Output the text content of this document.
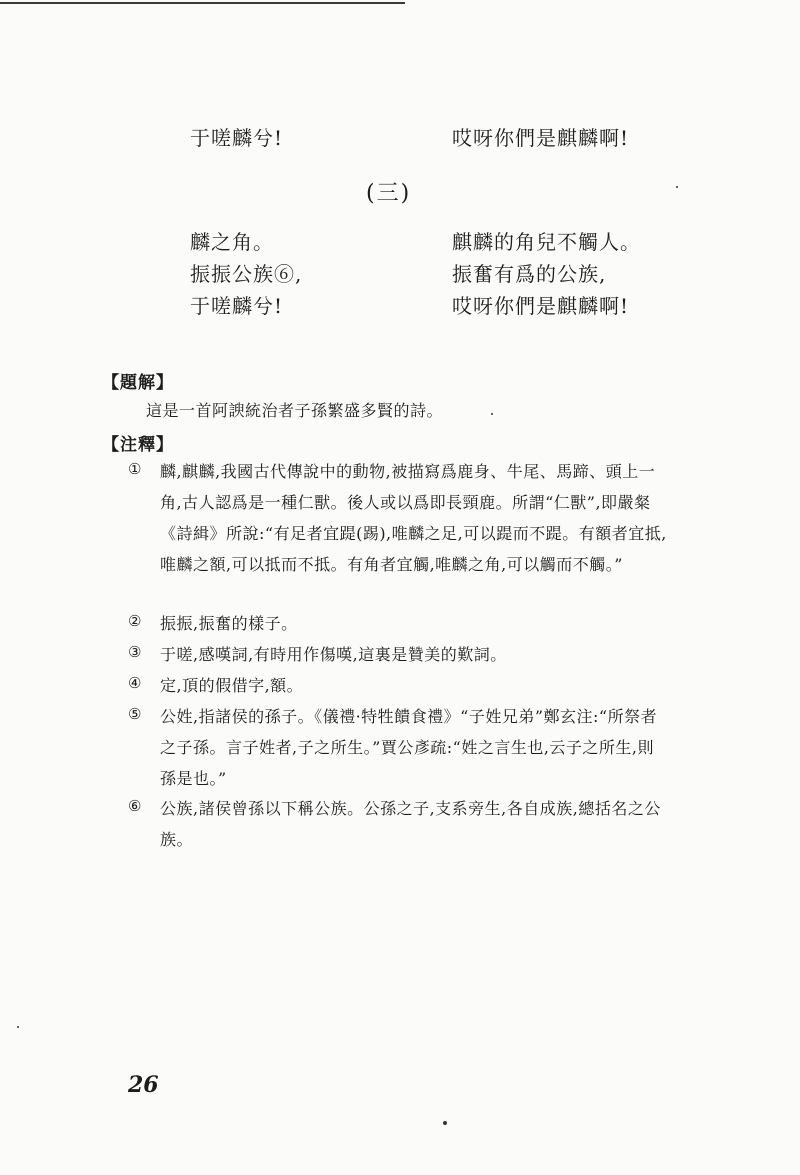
于嗟麟兮!	哎呀你們是麒麟啊!
(三)
麟之角。	麒麟的角兒不觸人。
振振公族⑥,	振奮有爲的公族,
于嗟麟兮!	哎呀你們是麒麟啊!
【題解】
這是一首阿諛統治者子孫繁盛多賢的詩。
【注釋】
① 麟,麒麟,我國古代傳說中的動物,被描寫爲鹿身、牛尾、馬蹄、頭上一角,古人認爲是一種仁獸。後人或以爲即長頸鹿。所謂“仁獸”,即嚴粲《詩緝》所說:“有足者宜踶(踢),唯麟之足,可以踶而不踶。有額者宜抵,唯麟之額,可以抵而不抵。有角者宜觸,唯麟之角,可以觸而不觸。”
② 振振,振奮的樣子。
③ 于嗟,感嘆詞,有時用作傷嘆,這裏是贊美的歎詞。
④ 定,頂的假借字,額。
⑤ 公姓,指諸侯的孫子。《儀禮·特牲饋食禮》“子姓兄弟”鄭玄注:“所祭者之子孫。言子姓者,子之所生。”賈公彥疏:“姓之言生也,云子之所生,則孫是也。”
⑥ 公族,諸侯曾孫以下稱公族。公孫之子,支系旁生,各自成族,總括名之公族。
26
